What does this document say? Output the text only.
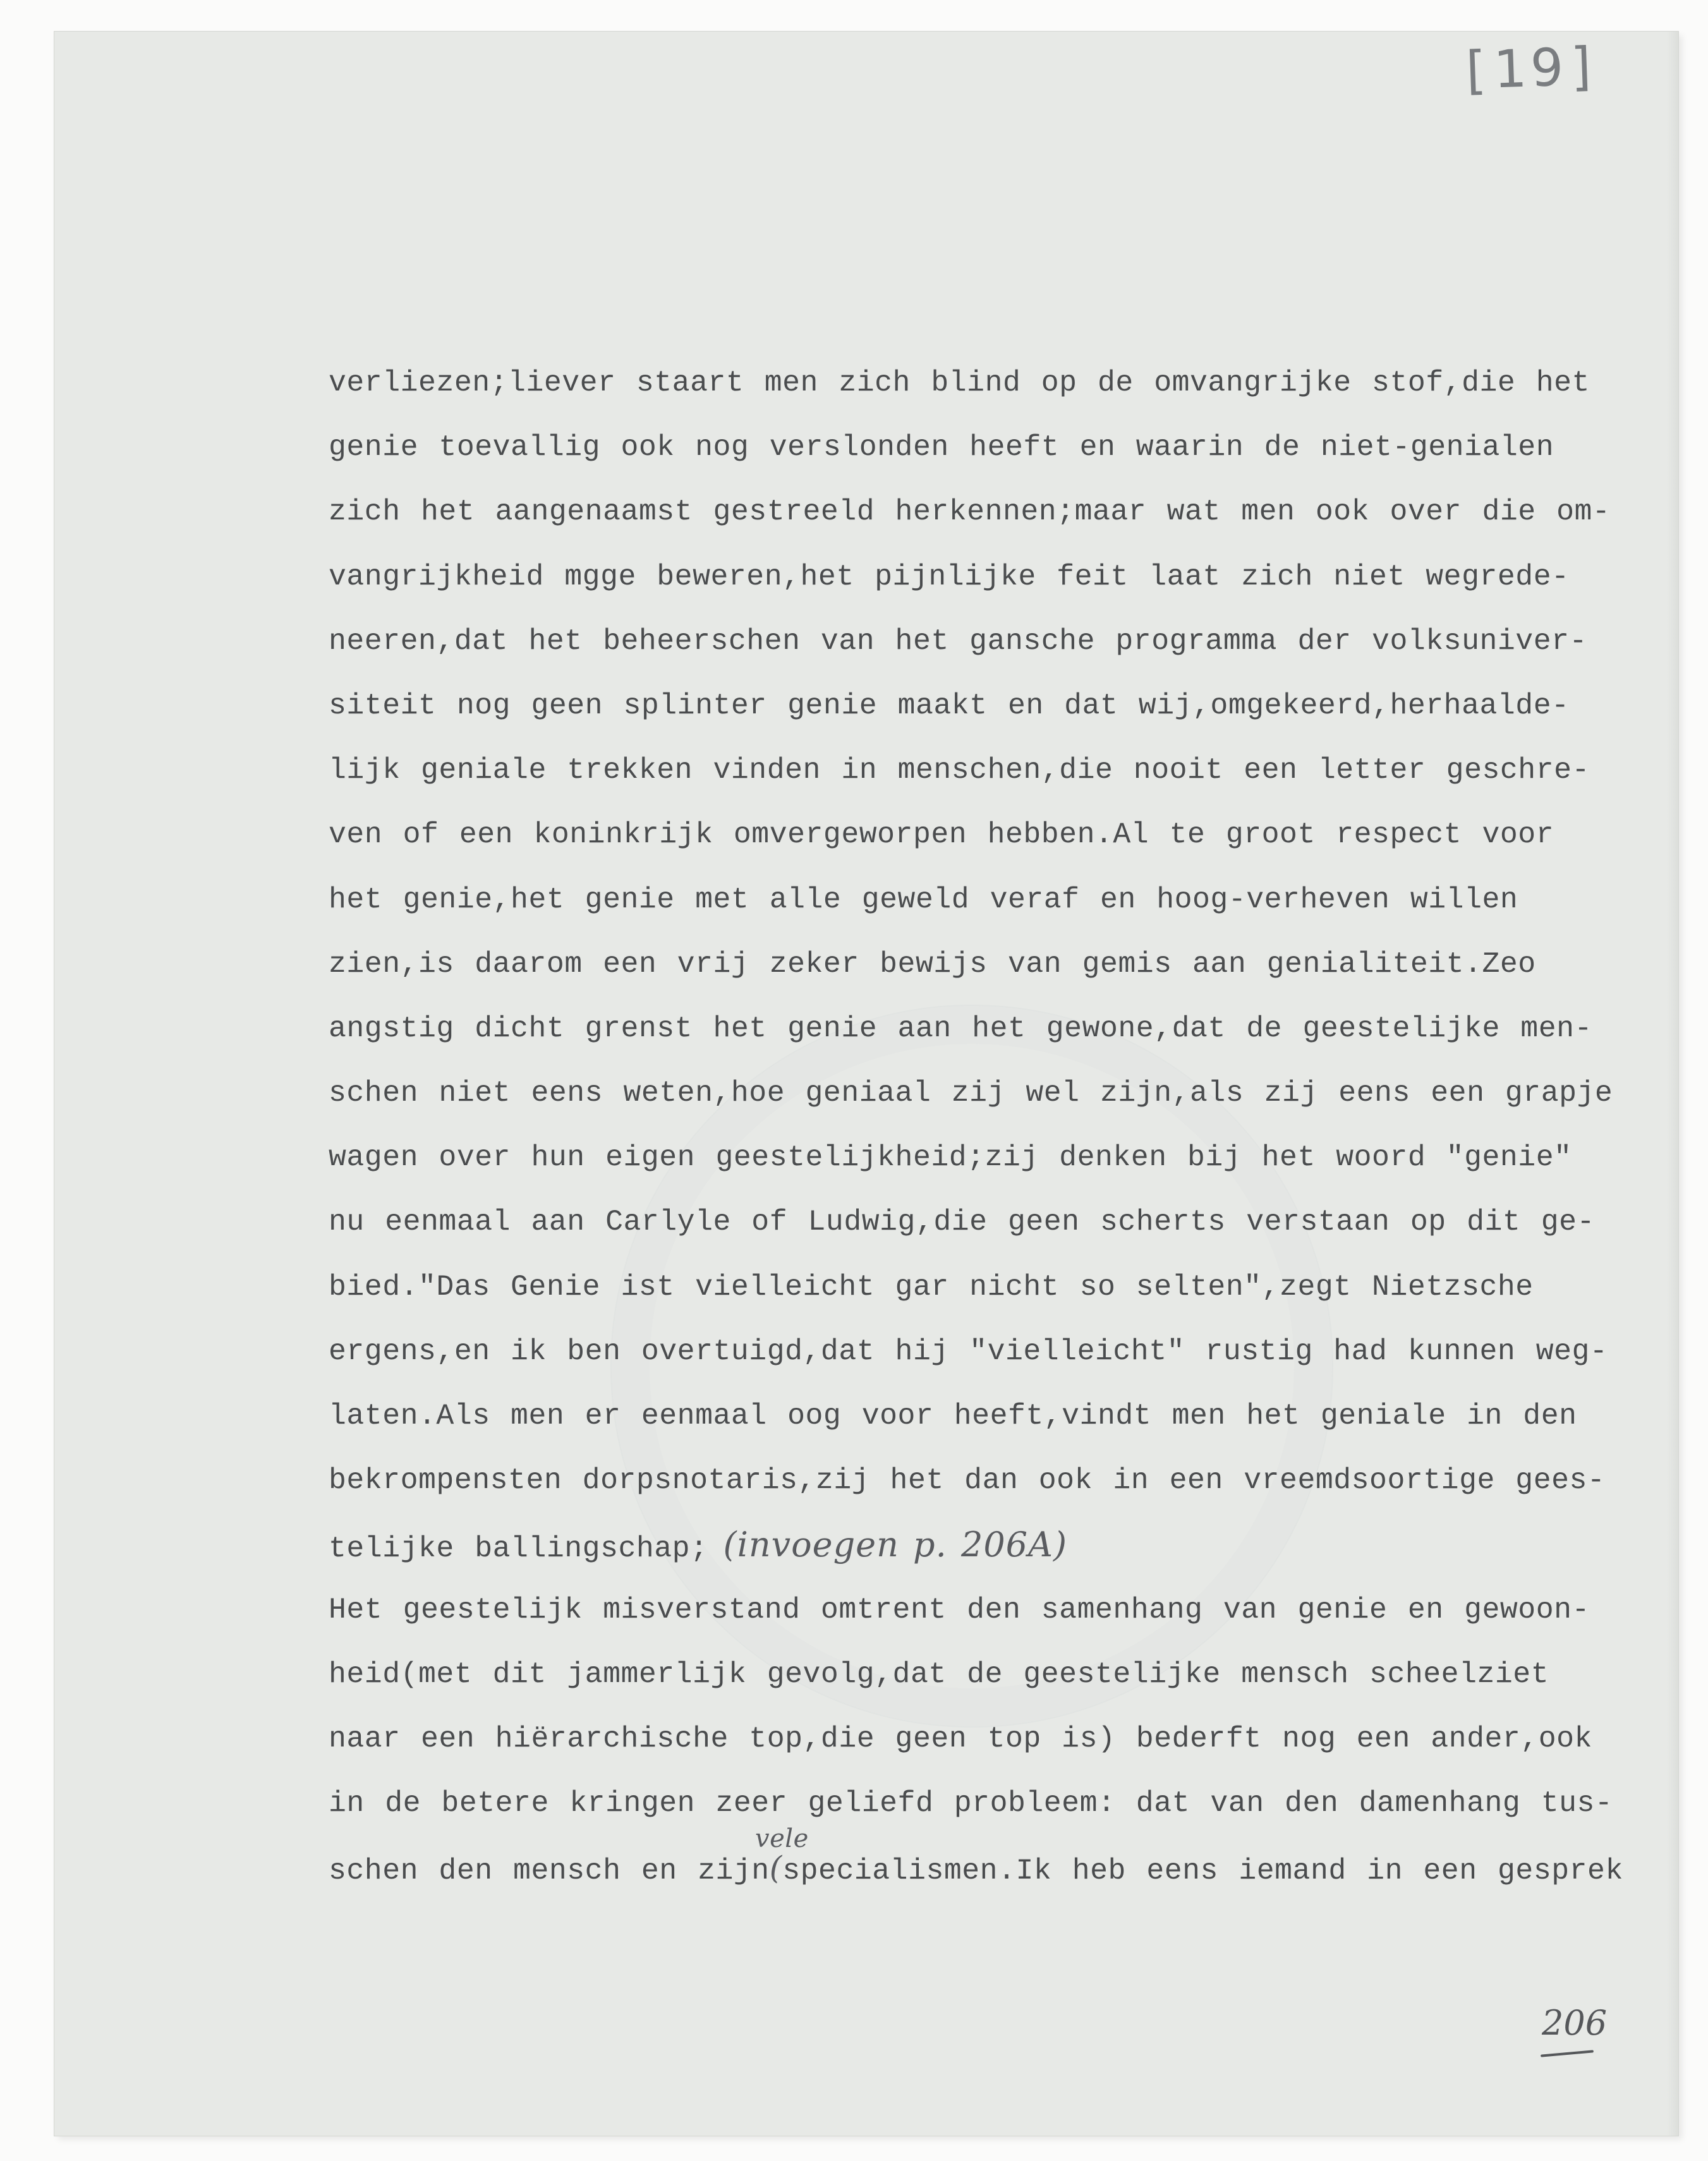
[19]
verliezen;liever staart men zich blind op de omvangrijke stof,die het
genie toevallig ook nog verslonden heeft en waarin de niet-genialen
zich het aangenaamst gestreeld herkennen;maar wat men ook over die om-
vangrijkheid mgge beweren,het pijnlijke feit laat zich niet wegrede-
neeren,dat het beheerschen van het gansche programma der volksuniver-
siteit nog geen splinter genie maakt en dat wij,omgekeerd,herhaalde-
lijk geniale trekken vinden in menschen,die nooit een letter geschre-
ven of een koninkrijk omvergeworpen hebben.Al te groot respect voor
het genie,het genie met alle geweld veraf en hoog-verheven willen
zien,is daarom een vrij zeker bewijs van gemis aan genialiteit.Zeo
angstig dicht grenst het genie aan het gewone,dat de geestelijke men-
schen niet eens weten,hoe geniaal zij wel zijn,als zij eens een grapje
wagen over hun eigen geestelijkheid;zij denken bij het woord "genie"
nu eenmaal aan Carlyle of Ludwig,die geen scherts verstaan op dit ge-
bied."Das Genie ist vielleicht gar nicht so selten",zegt Nietzsche
ergens,en ik ben overtuigd,dat hij "vielleicht" rustig had kunnen weg-
laten.Als men er eenmaal oog voor heeft,vindt men het geniale in den
bekrompensten dorpsnotaris,zij het dan ook in een vreemdsoortige gees-
telijke ballingschap; (invoegen p. 206A)
Het geestelijk misverstand omtrent den samenhang van genie en gewoon-
heid(met dit jammerlijk gevolg,dat de geestelijke mensch scheelziet
naar een hiërarchische top,die geen top is) bederft nog een ander,ook
in de betere kringen zeer geliefd probleem: dat van den damenhang tus-
schen den mensch en zijn(specialismen.Ik heb eens iemand in een gesprek
vele
206
